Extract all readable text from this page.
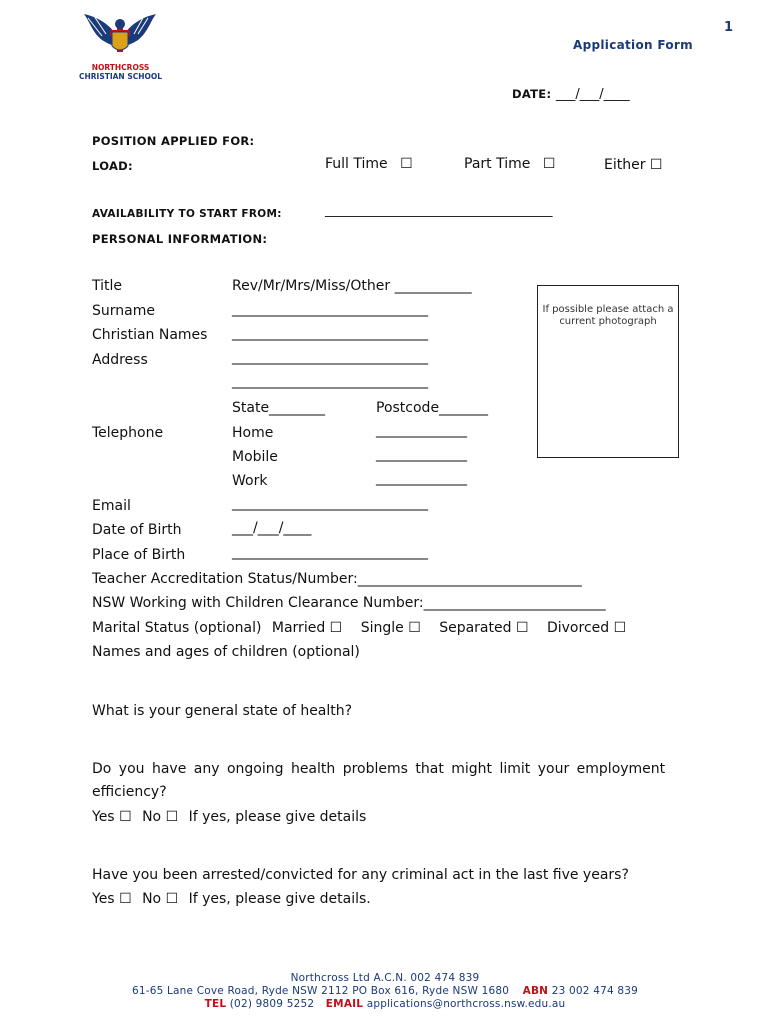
NORTHCROSS
CHRISTIAN SCHOOL
1
Application Form
DATE: ___/___/____
POSITION APPLIED FOR:
LOAD:	Full Time ☐	Part Time ☐	Either ☐
AVAILABILITY TO START FROM:	___________________________________
PERSONAL INFORMATION:
If possible please attach a current photograph
Title	Rev/Mr/Mrs/Miss/Other ___________
Surname	____________________________
Christian Names ____________________________
Address	____________________________
____________________________
State________	Postcode_______
Telephone	Home	_____________
Mobile	_____________
Work	_____________
Email	____________________________
Date of Birth	___/___/____
Place of Birth	____________________________
Teacher Accreditation Status/Number:________________________________
NSW Working with Children Clearance Number:__________________________
Marital Status (optional) Married ☐ Single ☐ Separated ☐ Divorced ☐
Names and ages of children (optional)
What is your general state of health?
Do you have any ongoing health problems that might limit your employment
efficiency?
Yes ☐ No ☐ If yes, please give details
Have you been arrested/convicted for any criminal act in the last five years?
Yes ☐ No ☐ If yes, please give details.
Northcross Ltd A.C.N. 002 474 839
61-65 Lane Cove Road, Ryde NSW 2112 PO Box 616, Ryde NSW 1680 ABN 23 002 474 839
TEL (02) 9809 5252 EMAIL applications@northcross.nsw.edu.au
